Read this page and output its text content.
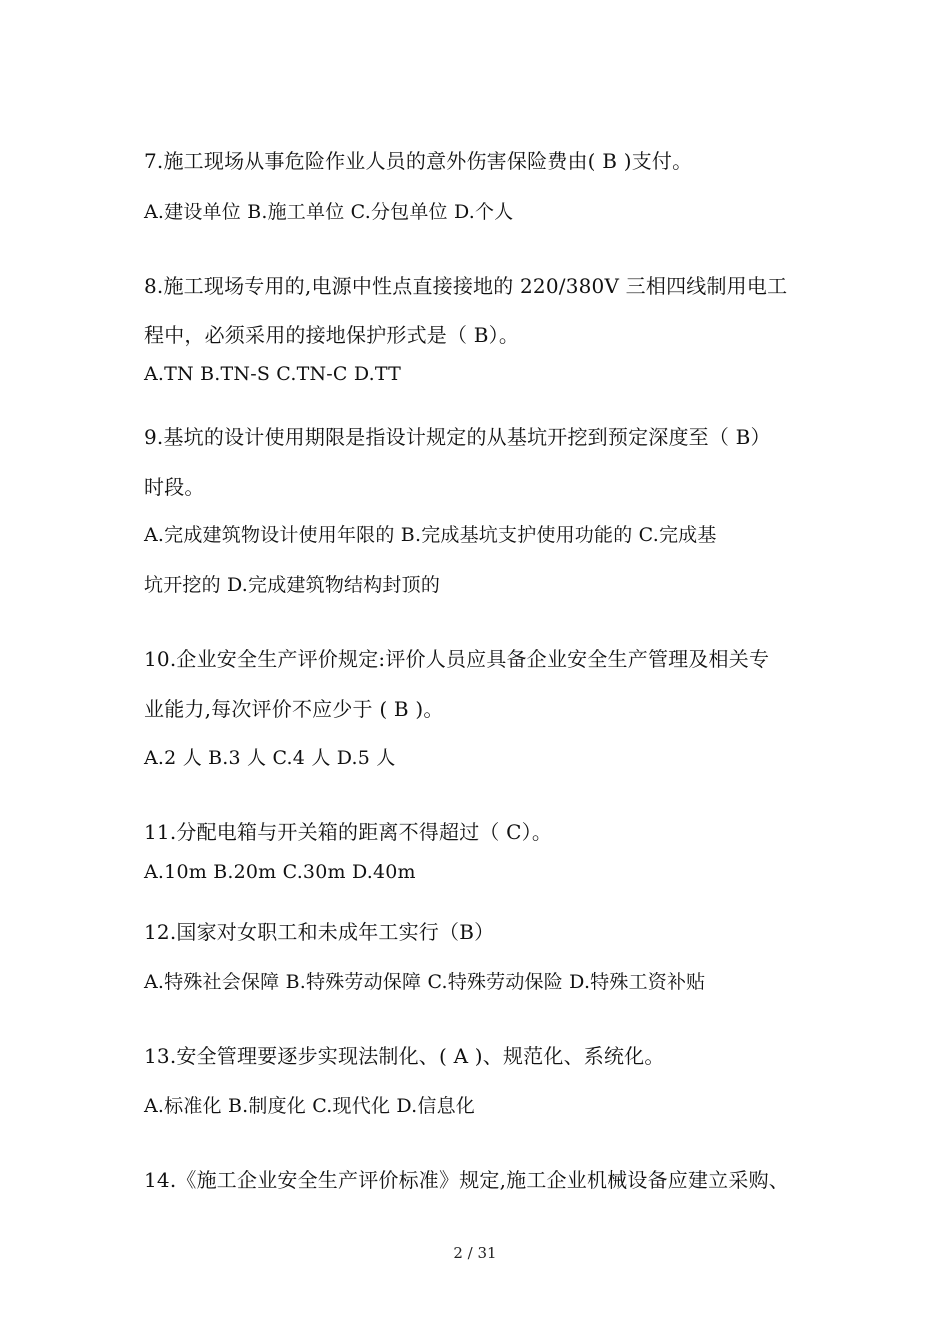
7.施工现场从事危险作业人员的意外伤害保险费由( B )支付。
A.建设单位 B.施工单位 C.分包单位 D.个人
8.施工现场专用的,电源中性点直接接地的 220/380V 三相四线制用电工
程中，必须采用的接地保护形式是（ B）。
A.TN B.TN-S C.TN-C D.TT
9.基坑的设计使用期限是指设计规定的从基坑开挖到预定深度至（ B）
时段。
A.完成建筑物设计使用年限的 B.完成基坑支护使用功能的 C.完成基
坑开挖的 D.完成建筑物结构封顶的
10.企业安全生产评价规定:评价人员应具备企业安全生产管理及相关专
业能力,每次评价不应少于 ( B )。
A.2 人 B.3 人 C.4 人 D.5 人
11.分配电箱与开关箱的距离不得超过（ C）。
A.10m B.20m C.30m D.40m
12.国家对女职工和未成年工实行（B）
A.特殊社会保障 B.特殊劳动保障 C.特殊劳动保险 D.特殊工资补贴
13.安全管理要逐步实现法制化、( A )、规范化、系统化。
A.标准化 B.制度化 C.现代化 D.信息化
14.《施工企业安全生产评价标准》规定,施工企业机械设备应建立采购、
2 / 31
